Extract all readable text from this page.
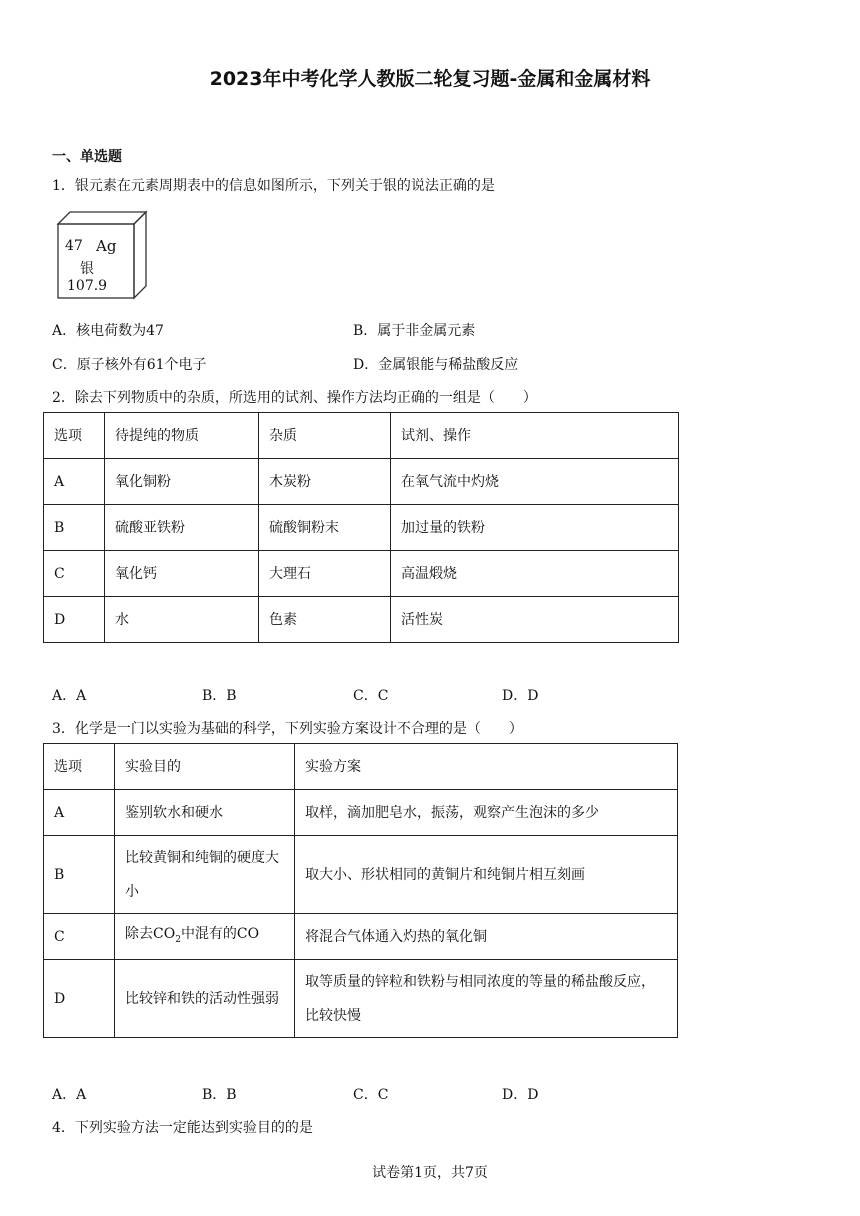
2023年中考化学人教版二轮复习题-金属和金属材料
一、单选题
1．银元素在元素周期表中的信息如图所示，下列关于银的说法正确的是
47 Ag
银
107.9
A．核电荷数为47	B．属于非金属元素
C．原子核外有61个电子	D．金属银能与稀盐酸反应
2．除去下列物质中的杂质，所选用的试剂、操作方法均正确的一组是（　　）
选项	待提纯的物质	杂质	试剂、操作
A	氧化铜粉	木炭粉	在氧气流中灼烧
B	硫酸亚铁粉	硫酸铜粉末	加过量的铁粉
C	氧化钙	大理石	高温煅烧
D	水	色素	活性炭
A．A	B．B	C．C	D．D
3．化学是一门以实验为基础的科学，下列实验方案设计不合理的是（　　）
选项	实验目的	实验方案
A	鉴别软水和硬水	取样，滴加肥皂水，振荡，观察产生泡沫的多少
B	比较黄铜和纯铜的硬度大小	取大小、形状相同的黄铜片和纯铜片相互刻画
C	除去$CO_2$中混有的CO	将混合气体通入灼热的氧化铜
D	比较锌和铁的活动性强弱	取等质量的锌粒和铁粉与相同浓度的等量的稀盐酸反应，比较快慢
A．A	B．B	C．C	D．D
4．下列实验方法一定能达到实验目的的是
试卷第1页，共7页
